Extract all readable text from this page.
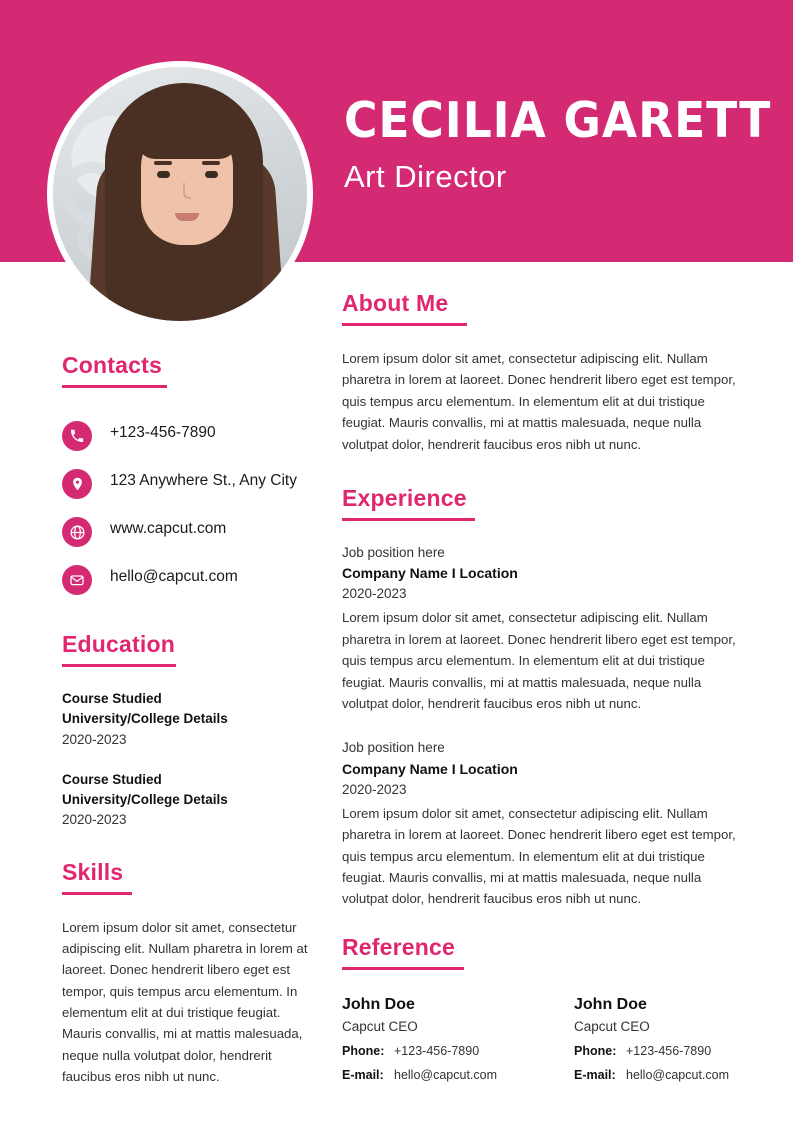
CECILIA GARETT
Art Director
Contacts
+123-456-7890
123 Anywhere St., Any City
www.capcut.com
hello@capcut.com
Education
Course Studied
University/College Details
2020-2023
Course Studied
University/College Details
2020-2023
Skills
Lorem ipsum dolor sit amet, consectetur adipiscing elit. Nullam pharetra in lorem at laoreet. Donec hendrerit libero eget est tempor, quis tempus arcu elementum. In elementum elit at dui tristique feugiat. Mauris convallis, mi at mattis malesuada, neque nulla volutpat dolor, hendrerit faucibus eros nibh ut nunc.
About Me
Lorem ipsum dolor sit amet, consectetur adipiscing elit. Nullam pharetra in lorem at laoreet. Donec hendrerit libero eget est tempor, quis tempus arcu elementum. In elementum elit at dui tristique feugiat. Mauris convallis, mi at mattis malesuada, neque nulla volutpat dolor, hendrerit faucibus eros nibh ut nunc.
Experience
Job position here
Company Name I Location
2020-2023
Lorem ipsum dolor sit amet, consectetur adipiscing elit. Nullam pharetra in lorem at laoreet. Donec hendrerit libero eget est tempor, quis tempus arcu elementum. In elementum elit at dui tristique feugiat. Mauris convallis, mi at mattis malesuada, neque nulla volutpat dolor, hendrerit faucibus eros nibh ut nunc.
Job position here
Company Name I Location
2020-2023
Lorem ipsum dolor sit amet, consectetur adipiscing elit. Nullam pharetra in lorem at laoreet. Donec hendrerit libero eget est tempor, quis tempus arcu elementum. In elementum elit at dui tristique feugiat. Mauris convallis, mi at mattis malesuada, neque nulla volutpat dolor, hendrerit faucibus eros nibh ut nunc.
Reference
John Doe
Capcut CEO
Phone: +123-456-7890
E-mail: hello@capcut.com
John Doe
Capcut CEO
Phone: +123-456-7890
E-mail: hello@capcut.com
